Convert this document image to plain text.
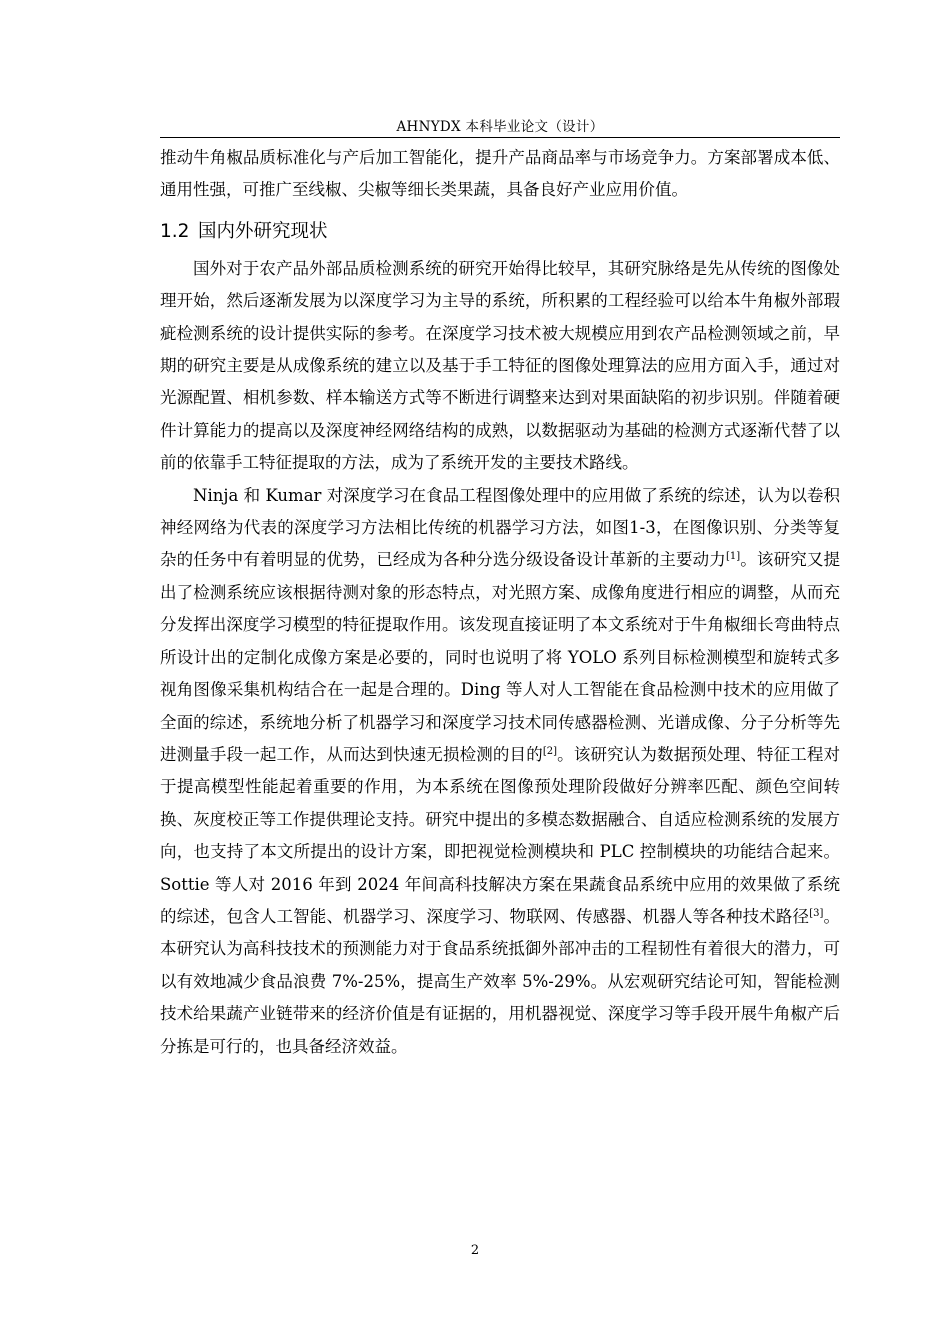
AHNYDX 本科毕业论文（设计）

推动牛角椒品质标准化与产后加工智能化，提升产品商品率与市场竞争力。方案部署成本低、通用性强，可推广至线椒、尖椒等细长类果蔬，具备良好产业应用价值。

1.2 国内外研究现状

国外对于农产品外部品质检测系统的研究开始得比较早，其研究脉络是先从传统的图像处理开始，然后逐渐发展为以深度学习为主导的系统，所积累的工程经验可以给本牛角椒外部瑕疵检测系统的设计提供实际的参考。在深度学习技术被大规模应用到农产品检测领域之前，早期的研究主要是从成像系统的建立以及基于手工特征的图像处理算法的应用方面入手，通过对光源配置、相机参数、样本输送方式等不断进行调整来达到对果面缺陷的初步识别。伴随着硬件计算能力的提高以及深度神经网络结构的成熟，以数据驱动为基础的检测方式逐渐代替了以前的依靠手工特征提取的方法，成为了系统开发的主要技术路线。

Ninja 和 Kumar 对深度学习在食品工程图像处理中的应用做了系统的综述，认为以卷积神经网络为代表的深度学习方法相比传统的机器学习方法，如图1-3，在图像识别、分类等复杂的任务中有着明显的优势，已经成为各种分选分级设备设计革新的主要动力[1]。该研究又提出了检测系统应该根据待测对象的形态特点，对光照方案、成像角度进行相应的调整，从而充分发挥出深度学习模型的特征提取作用。该发现直接证明了本文系统对于牛角椒细长弯曲特点所设计出的定制化成像方案是必要的，同时也说明了将 YOLO 系列目标检测模型和旋转式多视角图像采集机构结合在一起是合理的。Ding 等人对人工智能在食品检测中技术的应用做了全面的综述，系统地分析了机器学习和深度学习技术同传感器检测、光谱成像、分子分析等先进测量手段一起工作，从而达到快速无损检测的目的[2]。该研究认为数据预处理、特征工程对于提高模型性能起着重要的作用，为本系统在图像预处理阶段做好分辨率匹配、颜色空间转换、灰度校正等工作提供理论支持。研究中提出的多模态数据融合、自适应检测系统的发展方向，也支持了本文所提出的设计方案，即把视觉检测模块和 PLC 控制模块的功能结合起来。Sottie 等人对 2016 年到 2024 年间高科技解决方案在果蔬食品系统中应用的效果做了系统的综述，包含人工智能、机器学习、深度学习、物联网、传感器、机器人等各种技术路径[3]。本研究认为高科技技术的预测能力对于食品系统抵御外部冲击的工程韧性有着很大的潜力，可以有效地减少食品浪费 7%-25%，提高生产效率 5%-29%。从宏观研究结论可知，智能检测技术给果蔬产业链带来的经济价值是有证据的，用机器视觉、深度学习等手段开展牛角椒产后分拣是可行的，也具备经济效益。

2
